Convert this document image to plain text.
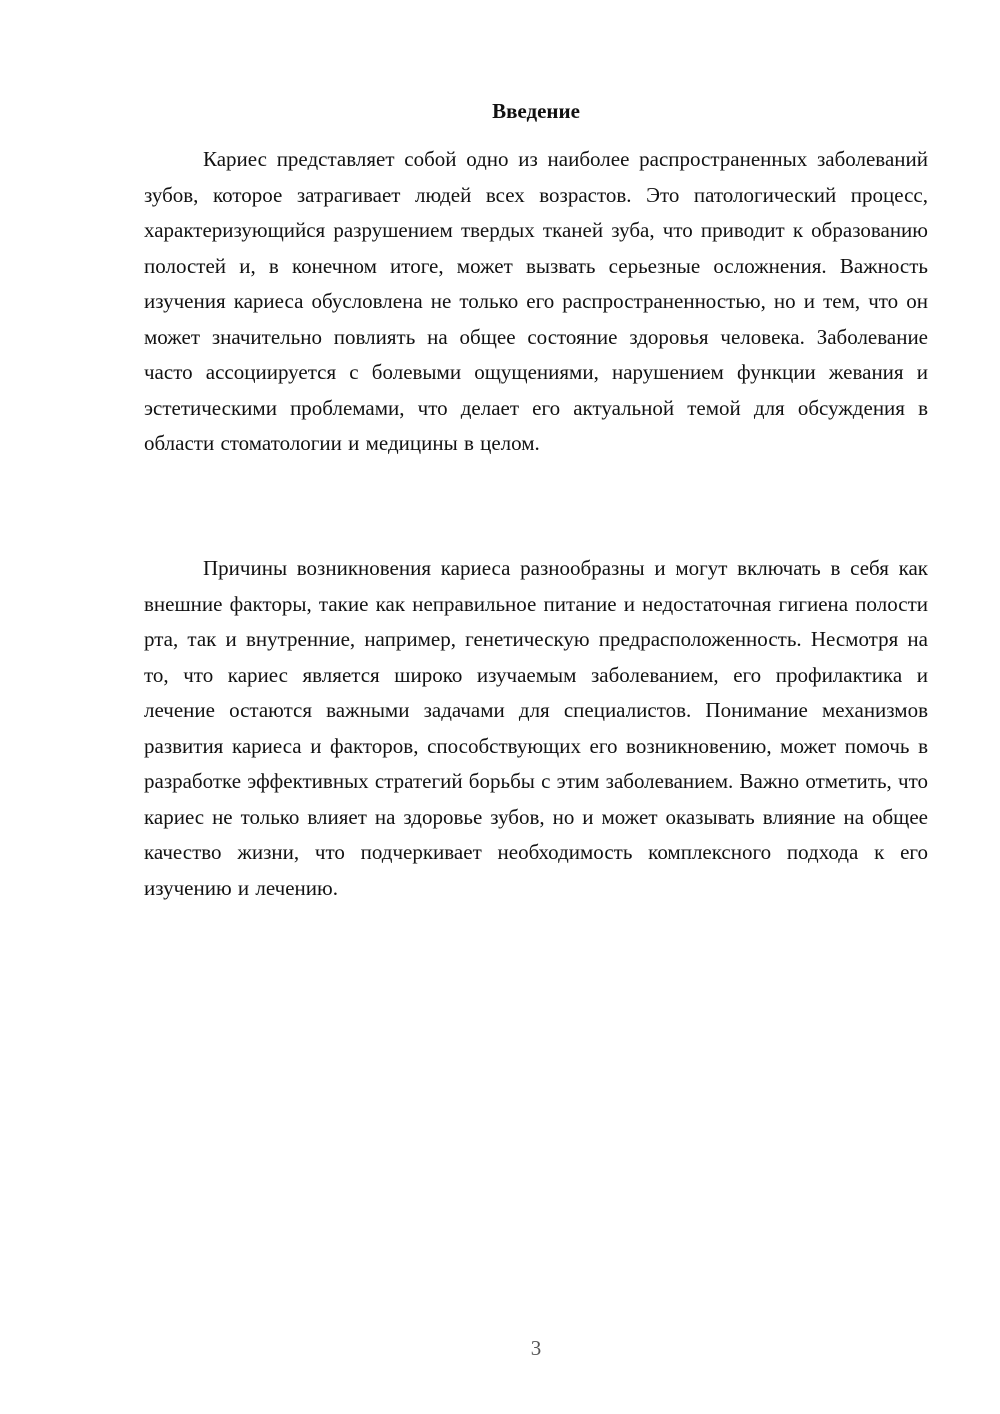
Введение

Кариес представляет собой одно из наиболее распространенных заболеваний зубов, которое затрагивает людей всех возрастов. Это патологический процесс, характеризующийся разрушением твердых тканей зуба, что приводит к образованию полостей и, в конечном итоге, может вызвать серьезные осложнения. Важность изучения кариеса обусловлена не только его распространенностью, но и тем, что он может значительно повлиять на общее состояние здоровья человека. Заболевание часто ассоциируется с болевыми ощущениями, нарушением функции жевания и эстетическими проблемами, что делает его актуальной темой для обсуждения в области стоматологии и медицины в целом.

Причины возникновения кариеса разнообразны и могут включать в себя как внешние факторы, такие как неправильное питание и недостаточная гигиена полости рта, так и внутренние, например, генетическую предрасположенность. Несмотря на то, что кариес является широко изучаемым заболеванием, его профилактика и лечение остаются важными задачами для специалистов. Понимание механизмов развития кариеса и факторов, способствующих его возникновению, может помочь в разработке эффективных стратегий борьбы с этим заболеванием. Важно отметить, что кариес не только влияет на здоровье зубов, но и может оказывать влияние на общее качество жизни, что подчеркивает необходимость комплексного подхода к его изучению и лечению.

3
